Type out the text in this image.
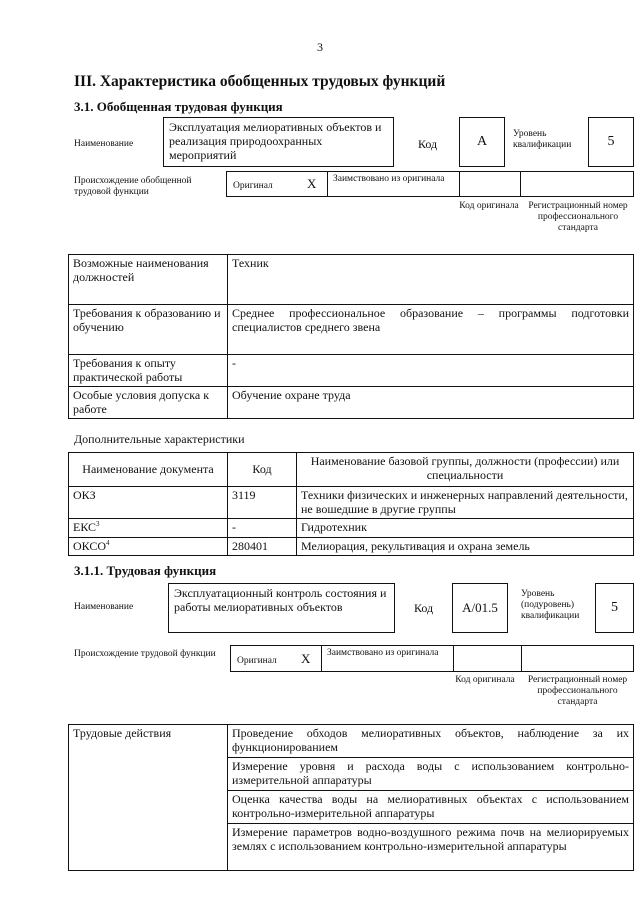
3
III. Характеристика обобщенных трудовых функций
3.1. Обобщенная трудовая функция
Наименование
Эксплуатация мелиоративных объектов и реализация природоохранных мероприятий
Код	A	Уровень квалификации	5
Происхождение обобщенной трудовой функции
Оригинал	X	Заимствовано из оригинала
Код оригинала	Регистрационный номер профессионального стандарта
Возможные наименования должностей	Техник
Требования к образованию и обучению	Среднее профессиональное образование – программы подготовки специалистов среднего звена
Требования к опыту практической работы	-
Особые условия допуска к работе	Обучение охране труда
Дополнительные характеристики
Наименование документа	Код	Наименование базовой группы, должности (профессии) или специальности
ОКЗ	3119	Техники физических и инженерных направлений деятельности, не вошедшие в другие группы
ЕКС$^3$	-	Гидротехник
ОКСО$^4$	280401	Мелиорация, рекультивация и охрана земель
3.1.1. Трудовая функция
Наименование
Эксплуатационный контроль состояния и работы мелиоративных объектов	Код	A/01.5
Уровень (подуровень) квалификации
5
Происхождение трудовой функции
Оригинал	X	Заимствовано из оригинала
Код оригинала	Регистрационный номер профессионального стандарта
Трудовые действия	Проведение обходов мелиоративных объектов, наблюдение за их функционированием
Измерение уровня и расхода воды с использованием контрольно-измерительной аппаратуры
Оценка качества воды на мелиоративных объектах с использованием контрольно-измерительной аппаратуры
Измерение параметров водно-воздушного режима почв на мелиорируемых землях с использованием контрольно-измерительной аппаратуры
